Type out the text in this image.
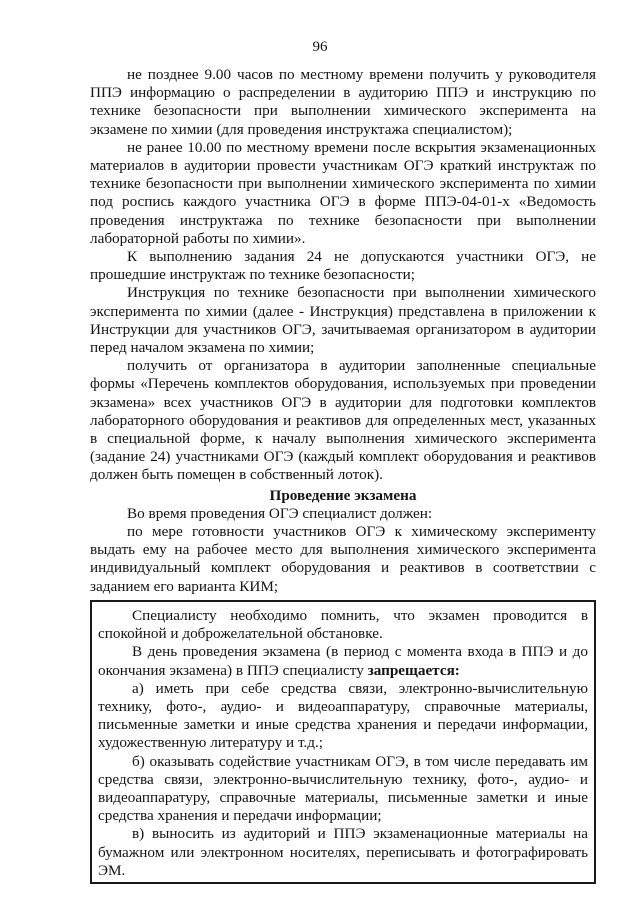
96

не позднее 9.00 часов по местному времени получить у руководителя ППЭ информацию о распределении в аудиторию ППЭ и инструкцию по технике безопасности при выполнении химического эксперимента на экзамене по химии (для проведения инструктажа специалистом);

не ранее 10.00 по местному времени после вскрытия экзаменационных материалов в аудитории провести участникам ОГЭ краткий инструктаж по технике безопасности при выполнении химического эксперимента по химии под роспись каждого участника ОГЭ в форме ППЭ-04-01-х «Ведомость проведения инструктажа по технике безопасности при выполнении лабораторной работы по химии».

К выполнению задания 24 не допускаются участники ОГЭ, не прошедшие инструктаж по технике безопасности;

Инструкция по технике безопасности при выполнении химического эксперимента по химии (далее - Инструкция) представлена в приложении к Инструкции для участников ОГЭ, зачитываемая организатором в аудитории перед началом экзамена по химии;

получить от организатора в аудитории заполненные специальные формы «Перечень комплектов оборудования, используемых при проведении экзамена» всех участников ОГЭ в аудитории для подготовки комплектов лабораторного оборудования и реактивов для определенных мест, указанных в специальной форме, к началу выполнения химического эксперимента (задание 24) участниками ОГЭ (каждый комплект оборудования и реактивов должен быть помещен в собственный лоток).

Проведение экзамена

Во время проведения ОГЭ специалист должен:

по мере готовности участников ОГЭ к химическому эксперименту выдать ему на рабочее место для выполнения химического эксперимента индивидуальный комплект оборудования и реактивов в соответствии с заданием его варианта КИМ;

Специалисту необходимо помнить, что экзамен проводится в спокойной и доброжелательной обстановке.

В день проведения экзамена (в период с момента входа в ППЭ и до окончания экзамена) в ППЭ специалисту запрещается:

а) иметь при себе средства связи, электронно-вычислительную технику, фото-, аудио- и видеоаппаратуру, справочные материалы, письменные заметки и иные средства хранения и передачи информации, художественную литературу и т.д.;

б) оказывать содействие участникам ОГЭ, в том числе передавать им средства связи, электронно-вычислительную технику, фото-, аудио- и видеоаппаратуру, справочные материалы, письменные заметки и иные средства хранения и передачи информации;

в) выносить из аудиторий и ППЭ экзаменационные материалы на бумажном или электронном носителях, переписывать и фотографировать ЭМ.
